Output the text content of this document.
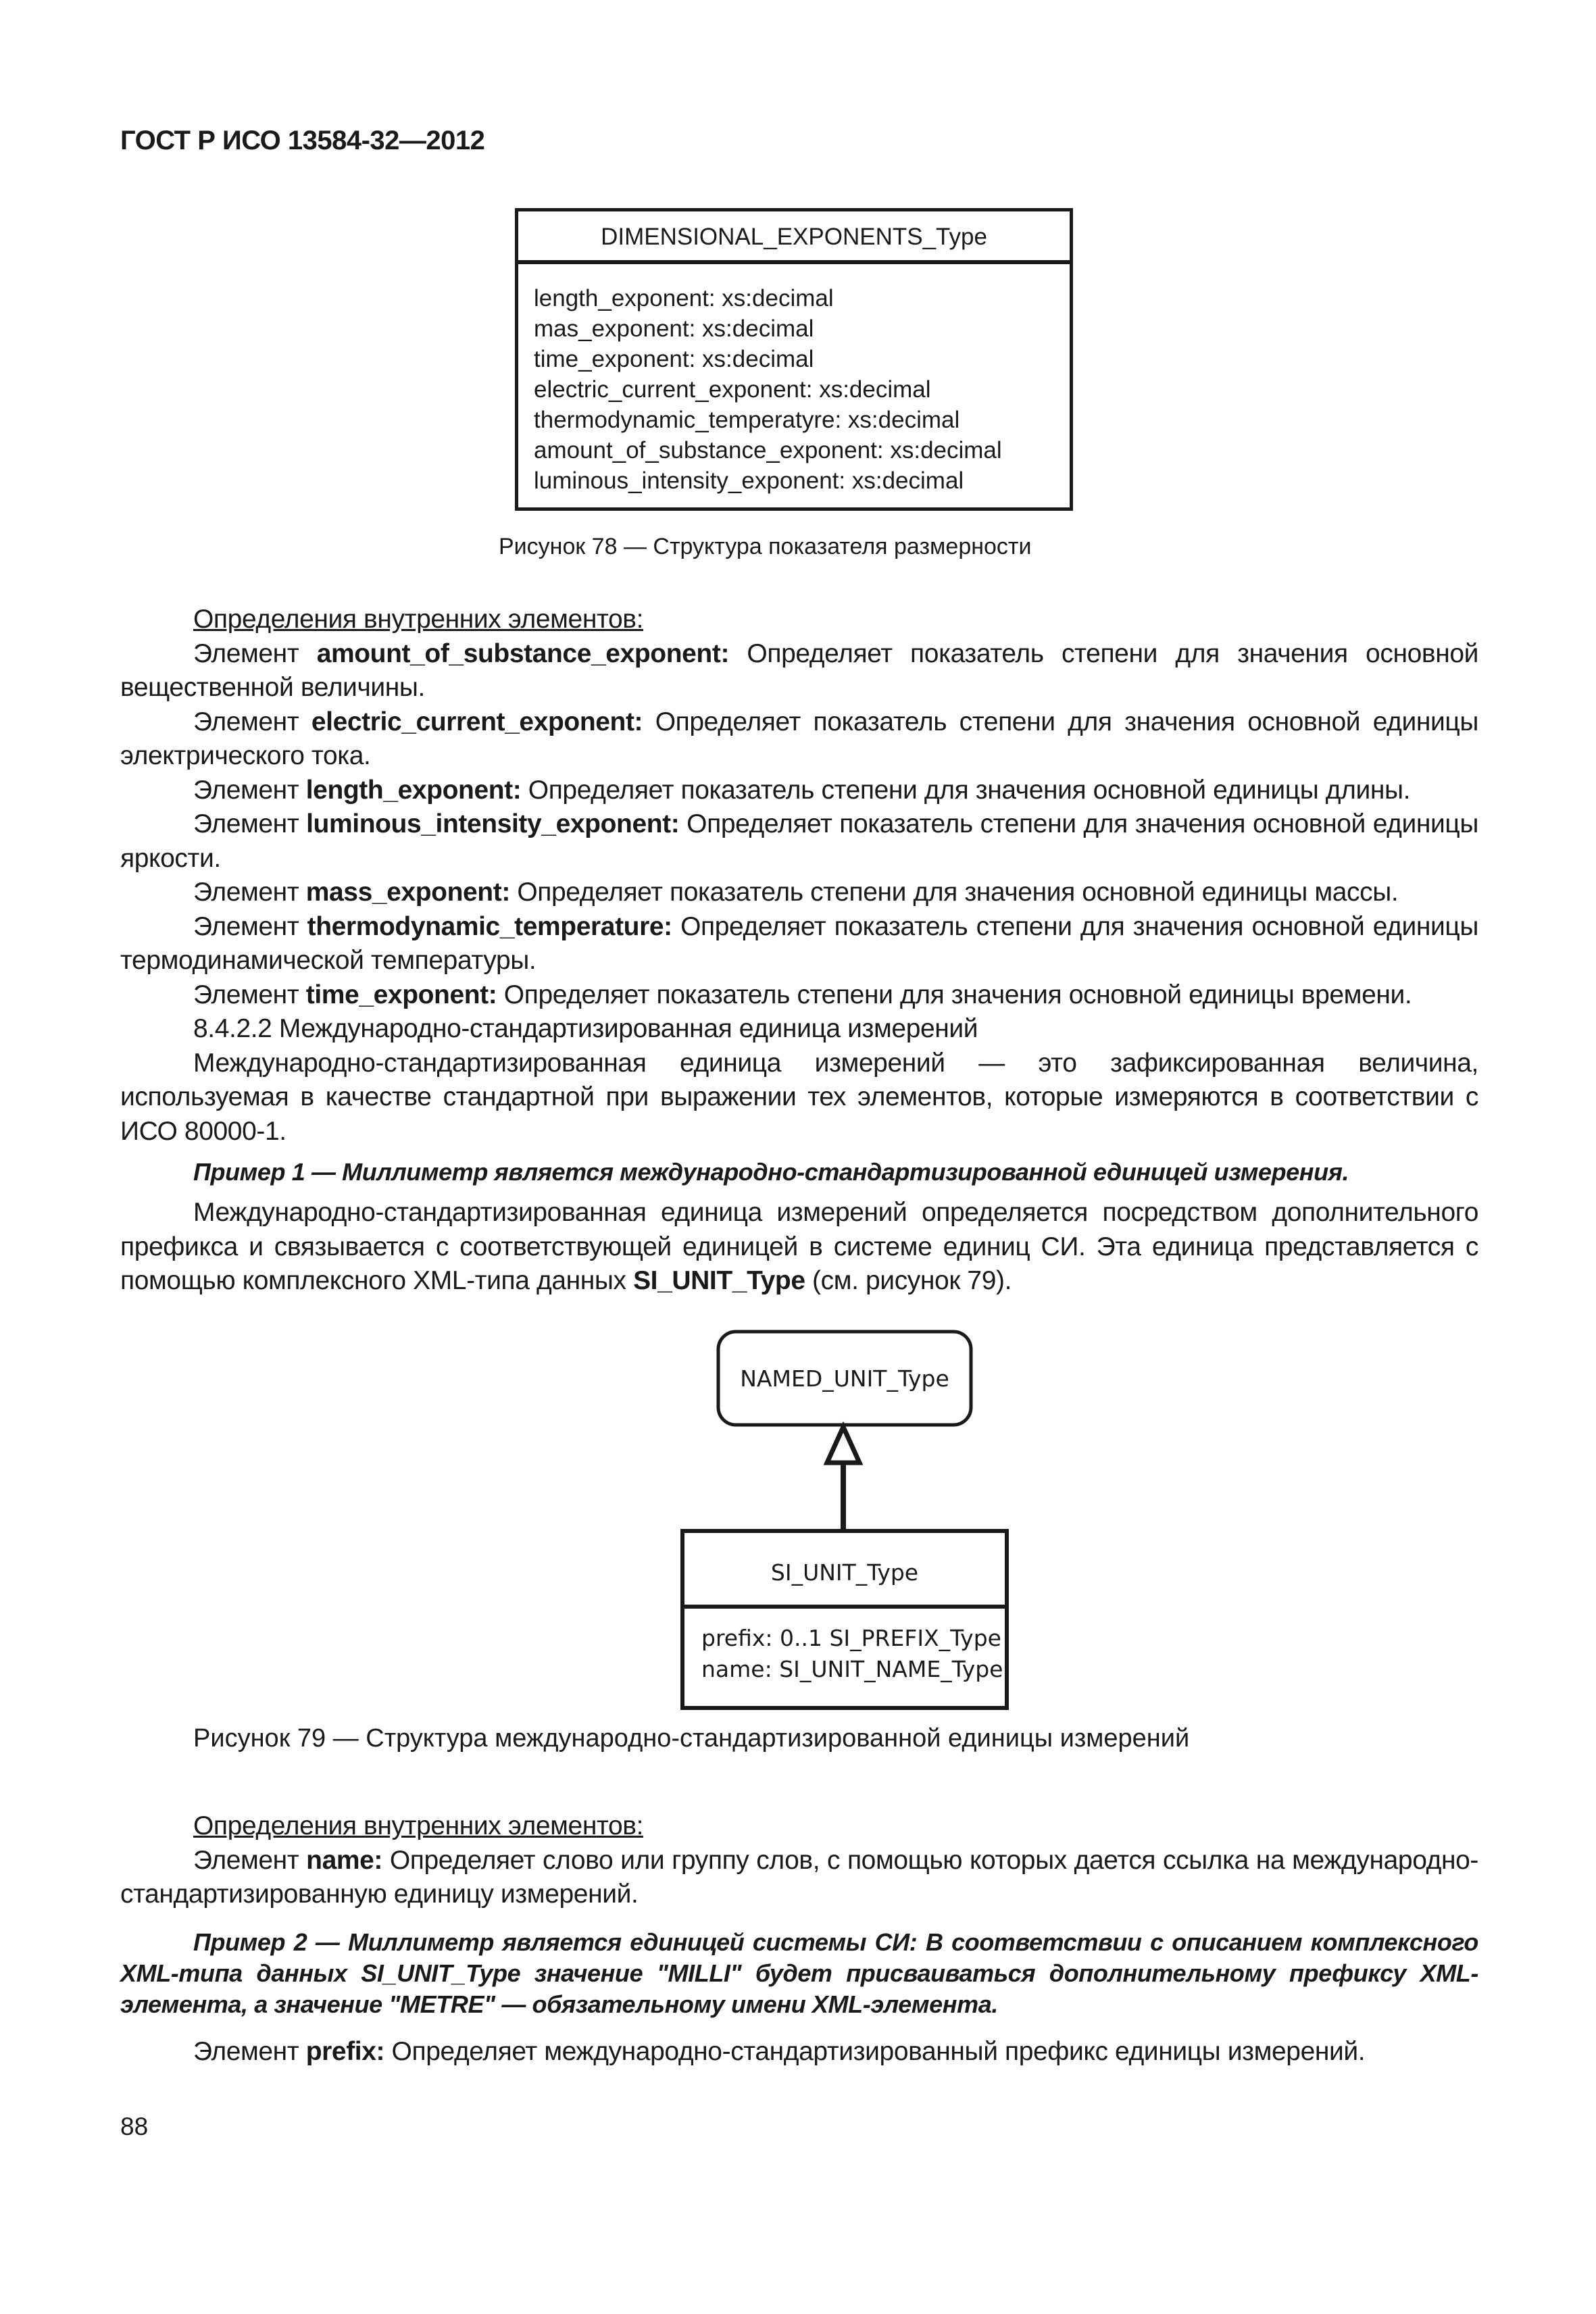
ГОСТ Р ИСО 13584-32—2012
DIMENSIONAL_EXPONENTS_Type
length_exponent: xs:decimal
mas_exponent: xs:decimal
time_exponent: xs:decimal
electric_current_exponent: xs:decimal
thermodynamic_temperatyre: xs:decimal
amount_of_substance_exponent: xs:decimal
luminous_intensity_exponent: xs:decimal
Рисунок 78 — Структура показателя размерности

Определения внутренних элементов:

Элемент amount_of_substance_exponent: Определяет показатель степени для значения основной вещественной величины.

Элемент electric_current_exponent: Определяет показатель степени для значения основной единицы электрического тока.

Элемент length_exponent: Определяет показатель степени для значения основной единицы длины.

Элемент luminous_intensity_exponent: Определяет показатель степени для значения основной единицы яркости.

Элемент mass_exponent: Определяет показатель степени для значения основной единицы массы.

Элемент thermodynamic_temperature: Определяет показатель степени для значения основной единицы термодинамической температуры.

Элемент time_exponent: Определяет показатель степени для значения основной единицы времени.

8.4.2.2 Международно-стандартизированная единица измерений

Международно-стандартизированная единица измерений — это зафиксированная величина, используемая в качестве стандартной при выражении тех элементов, которые измеряются в соответствии с ИСО 80000-1.

Пример 1 — Миллиметр является международно-стандартизированной единицей измерения.

Международно-стандартизированная единица измерений определяется посредством дополнительного префикса и связывается с соответствующей единицей в системе единиц СИ. Эта единица представляется с помощью комплексного XML-типа данных SI_UNIT_Type (см. рисунок 79).

NAMED_UNIT_Type
SI_UNIT_Type
prefix: 0..1 SI_PREFIX_Type
name: SI_UNIT_NAME_Type
Рисунок 79 — Структура международно-стандартизированной единицы измерений

Определения внутренних элементов:

Элемент name: Определяет слово или группу слов, с помощью которых дается ссылка на международно-стандартизированную единицу измерений.

Пример 2 — Миллиметр является единицей системы СИ: В соответствии с описанием комплексного XML-типа данных SI_UNIT_Type значение "MILLI" будет присваиваться дополнительному префиксу XML-элемента, а значение "METRE" — обязательному имени XML-элемента.

Элемент prefix: Определяет международно-стандартизированный префикс единицы измерений.

88
